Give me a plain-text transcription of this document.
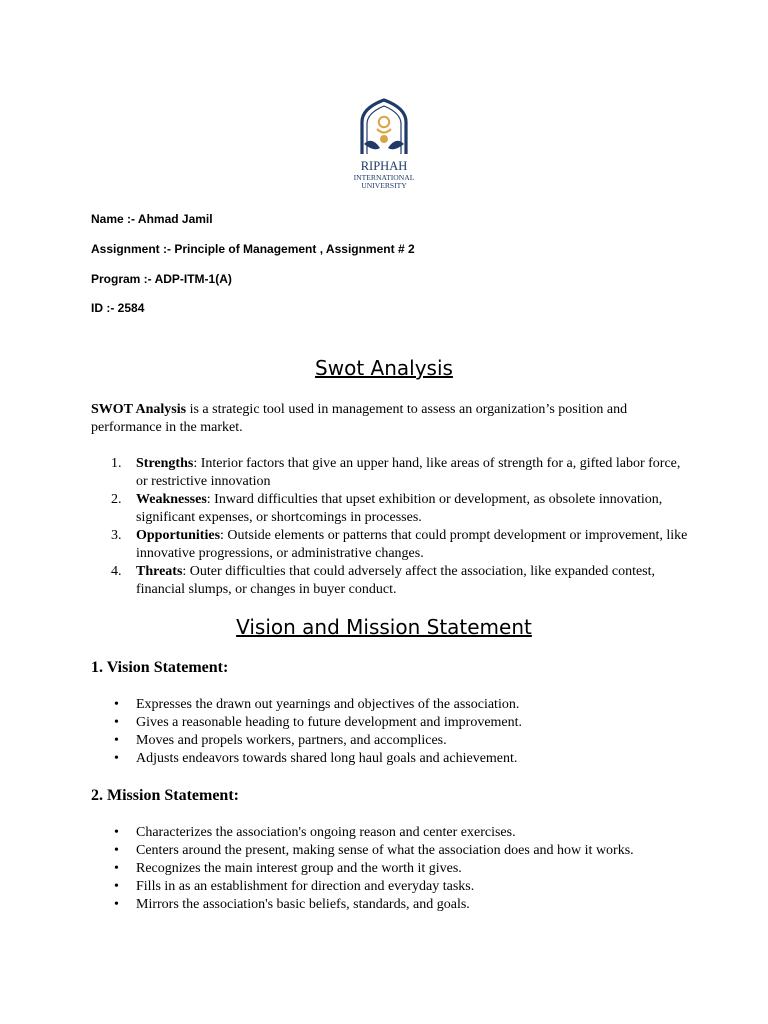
RIPHAH
INTERNATIONAL
UNIVERSITY

Name :- Ahmad Jamil

Assignment :- Principle of Management , Assignment # 2

Program :- ADP-ITM-1(A)

ID :- 2584

Swot Analysis

SWOT Analysis is a strategic tool used in management to assess an organization’s position and performance in the market.

1. Strengths: Interior factors that give an upper hand, like areas of strength for a, gifted labor force, or restrictive innovation
2. Weaknesses: Inward difficulties that upset exhibition or development, as obsolete innovation, significant expenses, or shortcomings in processes.
3. Opportunities: Outside elements or patterns that could prompt development or improvement, like innovative progressions, or administrative changes.
4. Threats: Outer difficulties that could adversely affect the association, like expanded contest, financial slumps, or changes in buyer conduct.
Vision and Mission Statement
1. Vision Statement:
• Expresses the drawn out yearnings and objectives of the association.
• Gives a reasonable heading to future development and improvement.
• Moves and propels workers, partners, and accomplices.
• Adjusts endeavors towards shared long haul goals and achievement.
2. Mission Statement:
• Characterizes the association's ongoing reason and center exercises.
• Centers around the present, making sense of what the association does and how it works.
• Recognizes the main interest group and the worth it gives.
• Fills in as an establishment for direction and everyday tasks.
• Mirrors the association's basic beliefs, standards, and goals.
